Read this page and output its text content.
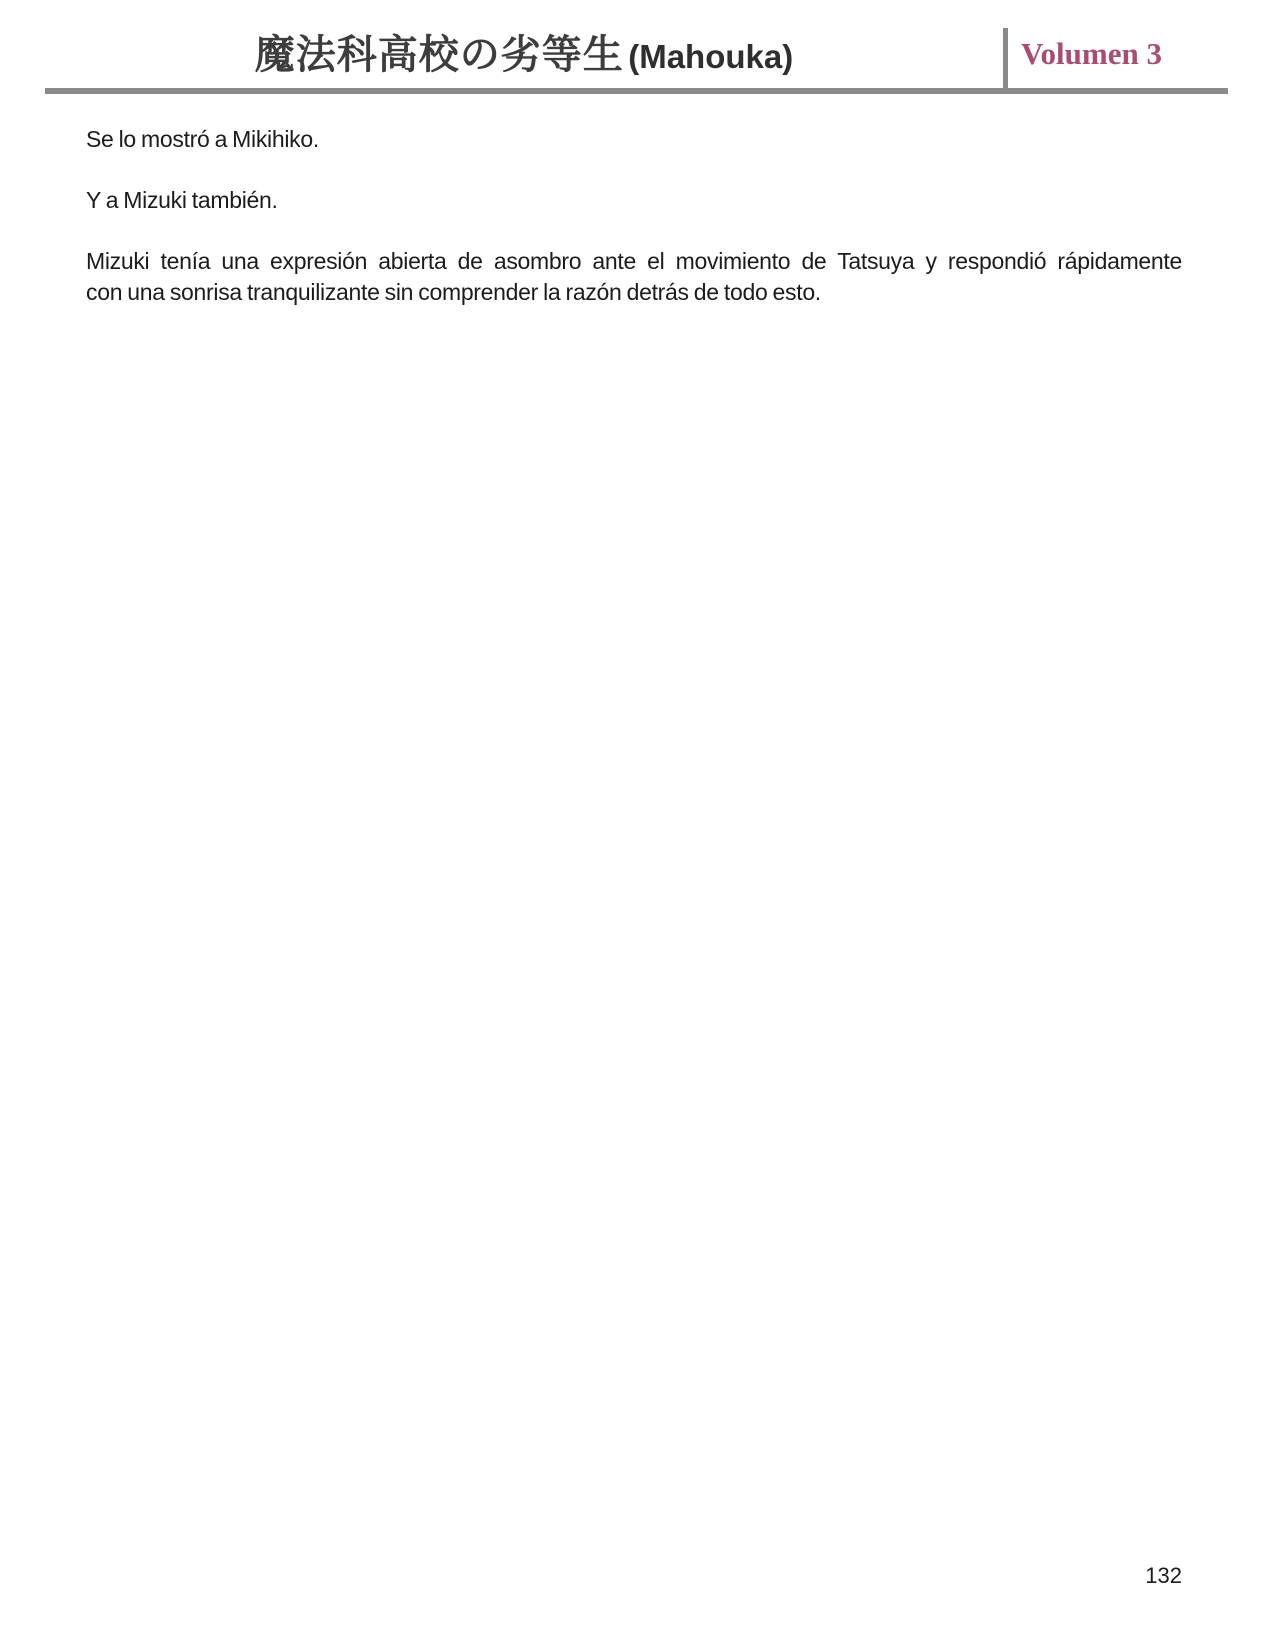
魔法科高校の劣等生 (Mahouka)	Volumen 3
Se lo mostró a Mikihiko.
Y a Mizuki también.
Mizuki tenía una expresión abierta de asombro ante el movimiento de Tatsuya y respondió rápidamente
con una sonrisa tranquilizante sin comprender la razón detrás de todo esto.
132
